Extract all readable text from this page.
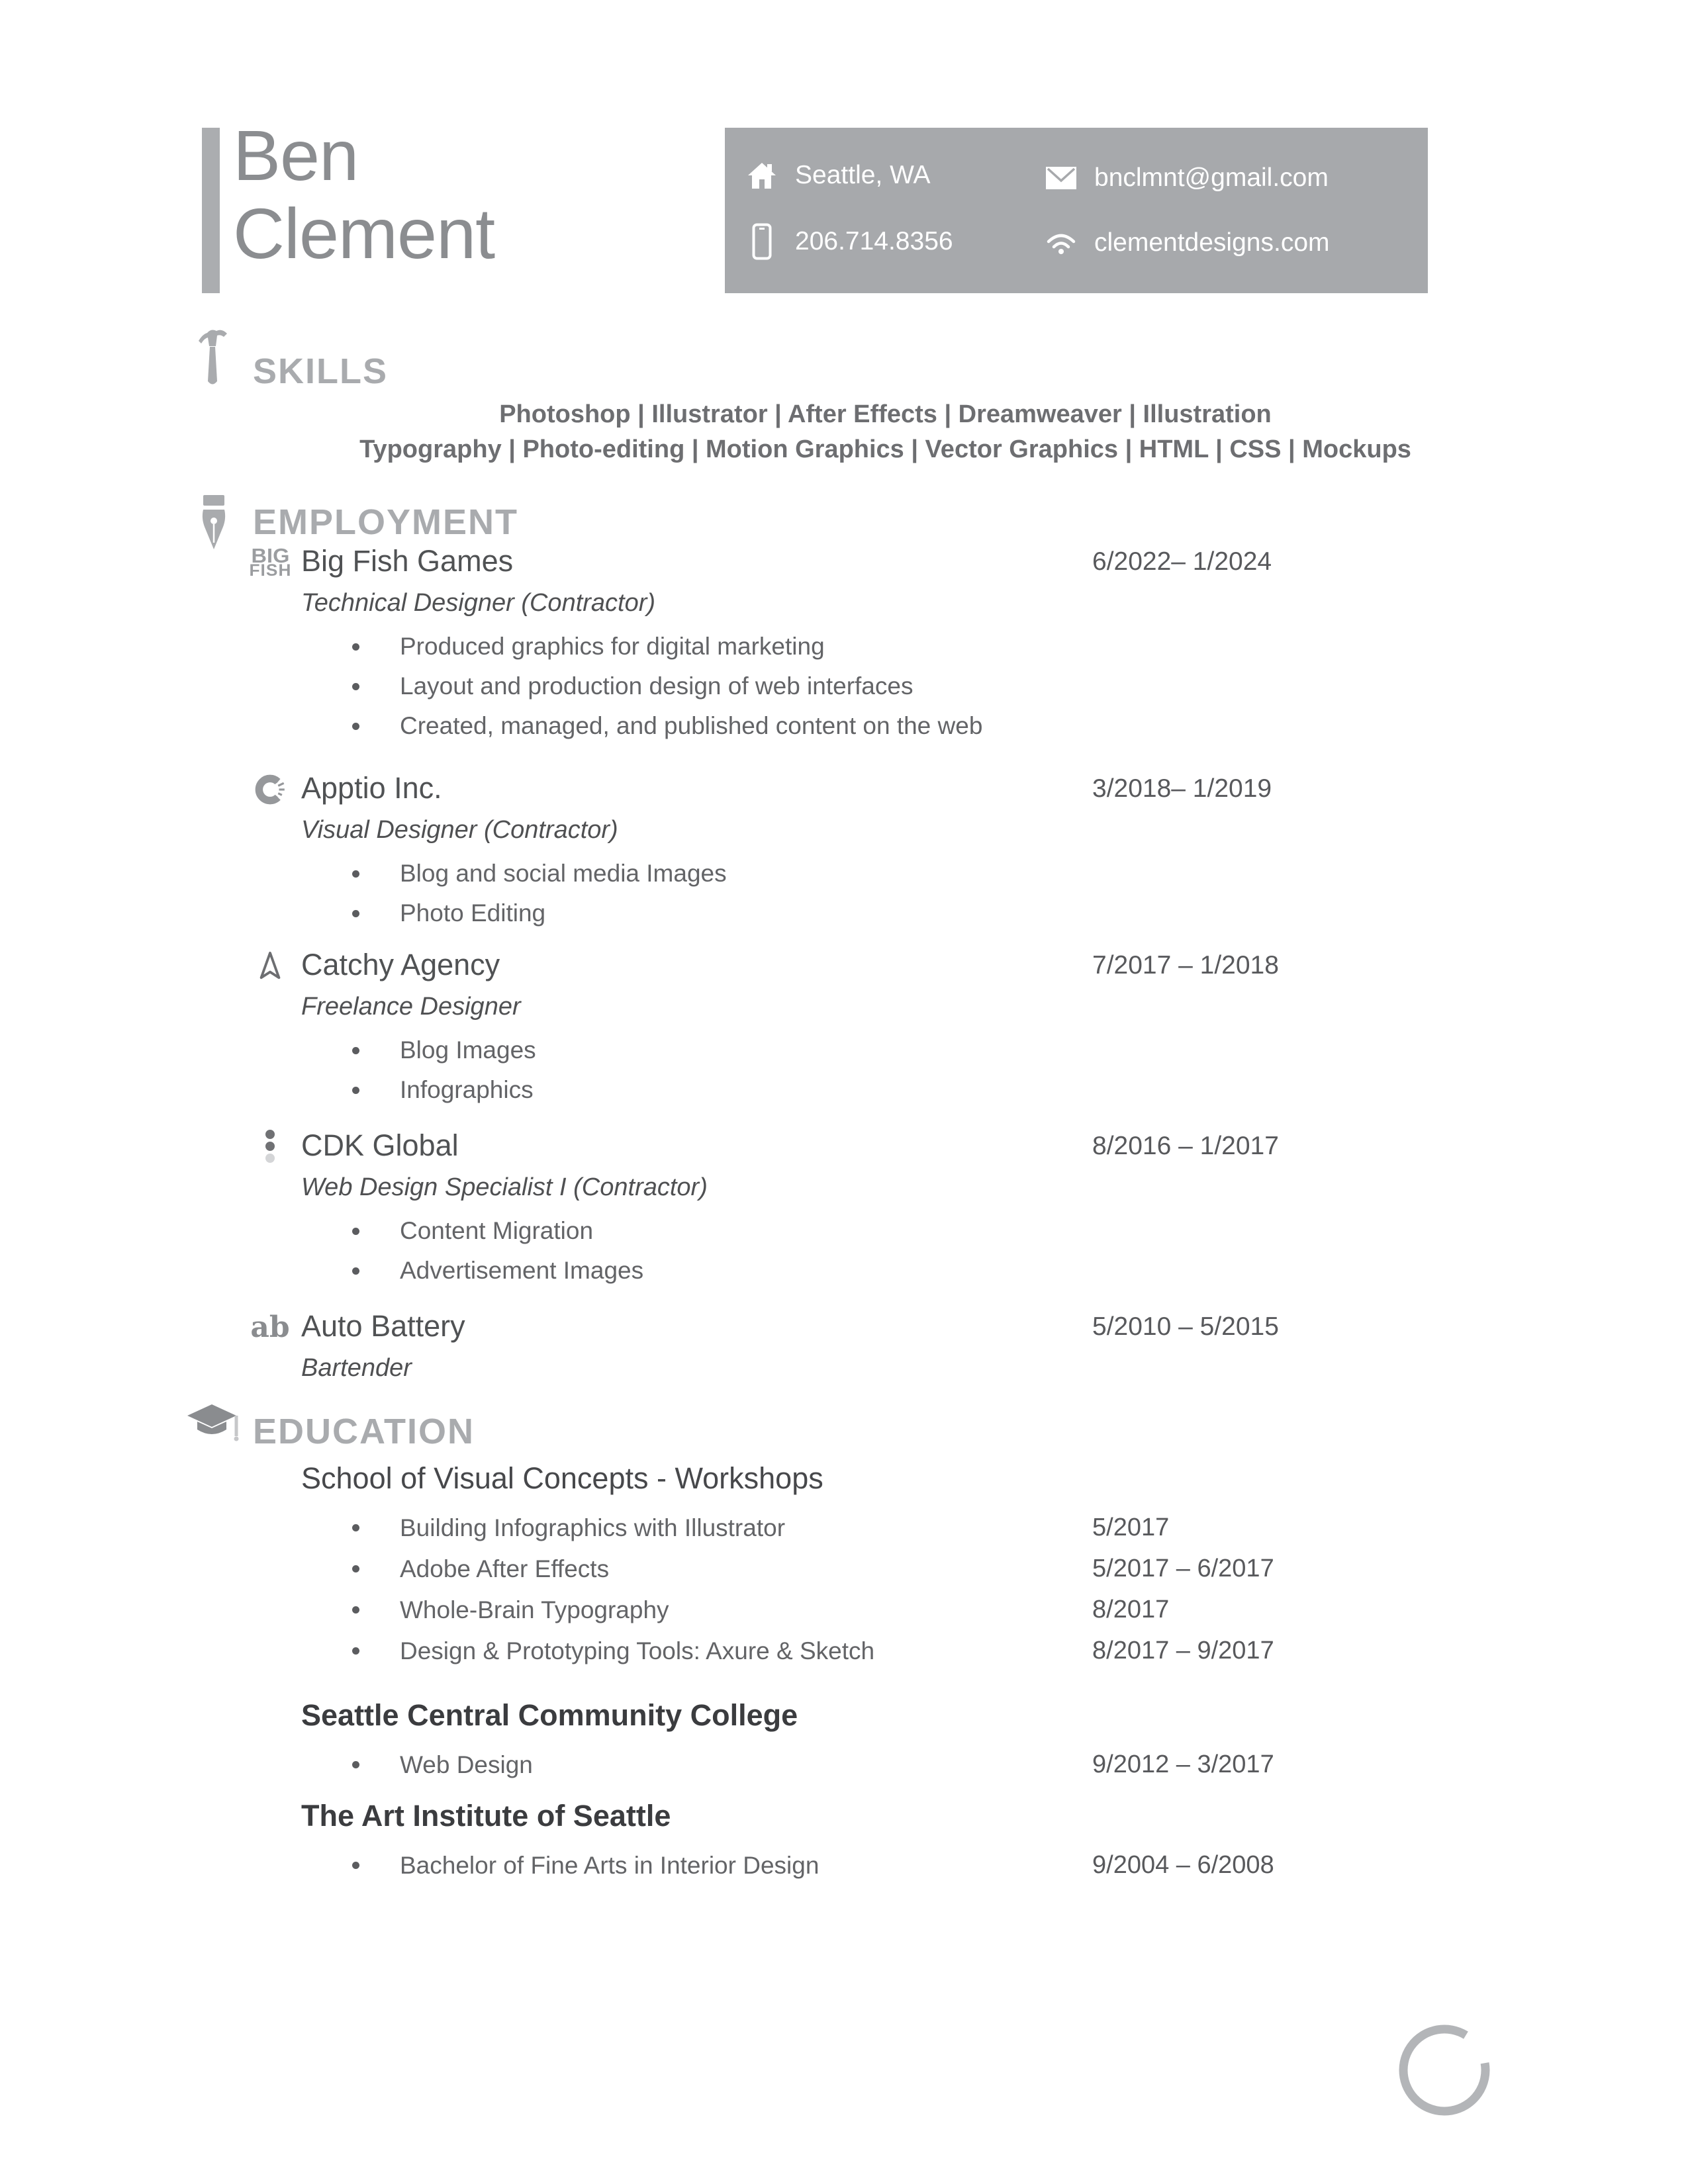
Ben
Clement
Seattle, WA
206.714.8356
bnclmnt@gmail.com
clementdesigns.com
SKILLS
Photoshop | Illustrator | After Effects | Dreamweaver | Illustration
Typography | Photo-editing | Motion Graphics | Vector Graphics | HTML | CSS | Mockups
EMPLOYMENT
BIG
FISH Big Fish Games	6/2022– 1/2024
Technical Designer (Contractor)
Produced graphics for digital marketing
Layout and production design of web interfaces
Created, managed, and published content on the web
Apptio Inc.	3/2018– 1/2019
Visual Designer (Contractor)
Blog and social media Images
Photo Editing
Catchy Agency	7/2017 – 1/2018
Freelance Designer
Blog Images
Infographics
CDK Global	8/2016 – 1/2017
Web Design Specialist I (Contractor)
Content Migration
Advertisement Images
ab Auto Battery	5/2010 – 5/2015
Bartender
EDUCATION
School of Visual Concepts - Workshops
Building Infographics with Illustrator	5/2017
Adobe After Effects	5/2017 – 6/2017
Whole-Brain Typography	8/2017
Design & Prototyping Tools: Axure & Sketch	8/2017 – 9/2017
Seattle Central Community College
Web Design	9/2012 – 3/2017
The Art Institute of Seattle
Bachelor of Fine Arts in Interior Design	9/2004 – 6/2008
